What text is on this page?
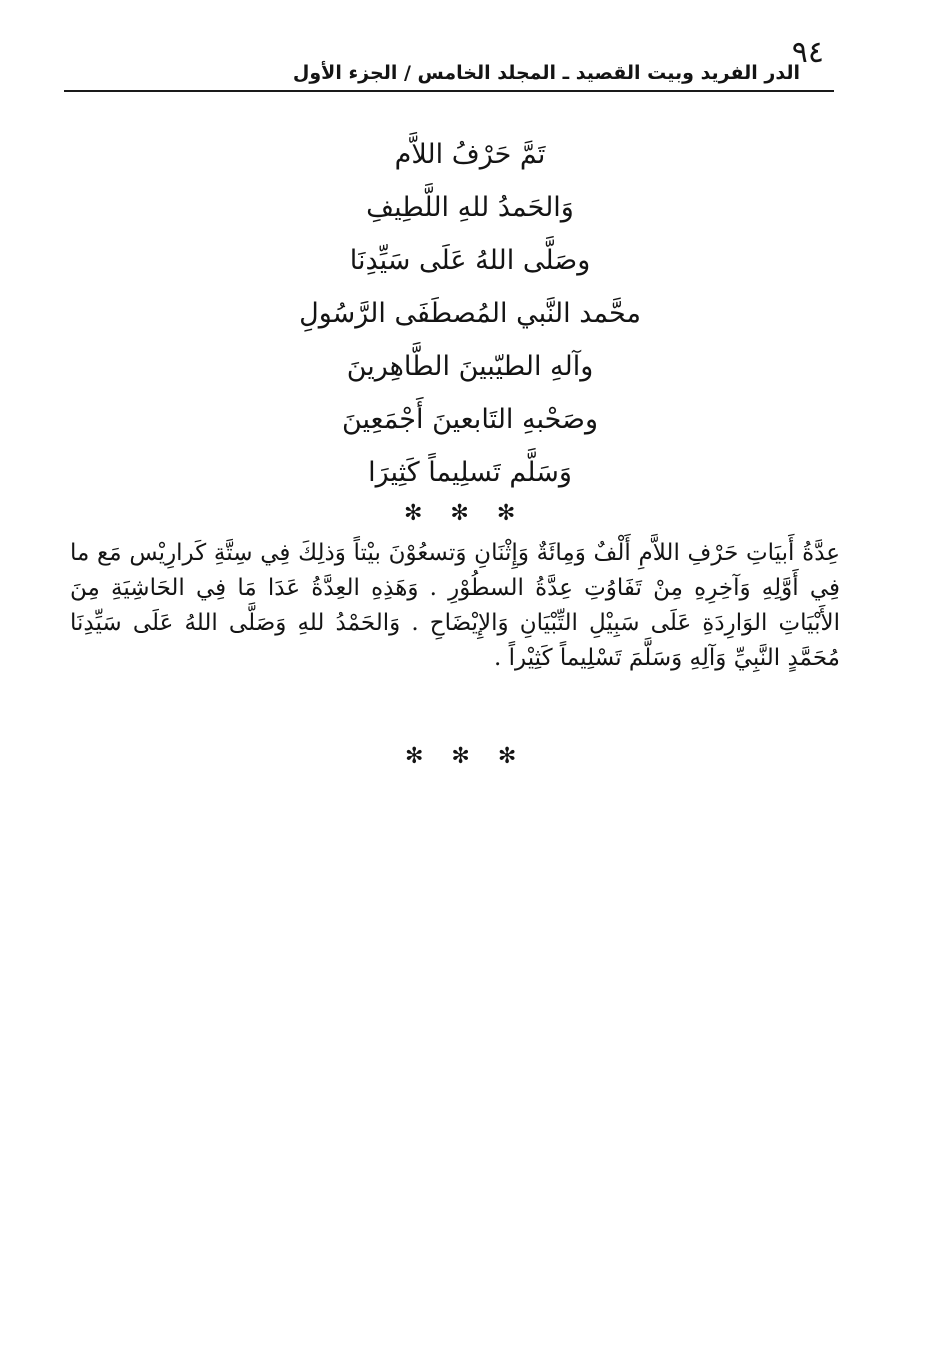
٩٤
الدر الفريد وبيت القصيد ـ المجلد الخامس / الجزء الأول
تَمَّ حَرْفُ اللاَّم
وَالحَمدُ للهِ اللَّطِيفِ
وصَلَّى اللهُ عَلَى سَيِّدِنَا
محَّمد النَّبي المُصطَفَى الرَّسُولِ
وآلهِ الطيّبينَ الطَّاهِرينَ
وصَحْبهِ التَابعينَ أَجْمَعِينَ
وَسَلَّم تَسلِيماً كَثِيرَا
✻✻✻
عِدَّةُ أَبيَاتِ حَرْفِ اللاَّمِ أَلْفٌ وَمِائَةٌ وَإِثْنَانِ وَتسعُوْنَ بيْتاً وَذلِكَ فِي سِتَّةِ كَرارِيْس مَع ما فِي أَوَّلِهِ وَآخِرِهِ مِنْ تَفَاوُتِ عِدَّةُ السطُوْرِ . وَهَذِهِ العِدَّةُ عَدَا مَا فِي الحَاشِيَةِ مِنَ الأَبْيَاتِ الوَارِدَةِ عَلَى سَبِيْلِ التِّبْيَانِ وَالإِيْضَاحِ . وَالحَمْدُ للهِ وَصَلَّى اللهُ عَلَى سَيِّدِنَا مُحَمَّدٍ النَّبِيِّ وَآلِهِ وَسَلَّمَ تَسْلِيماً كَثِيْراً .
✻✻✻
